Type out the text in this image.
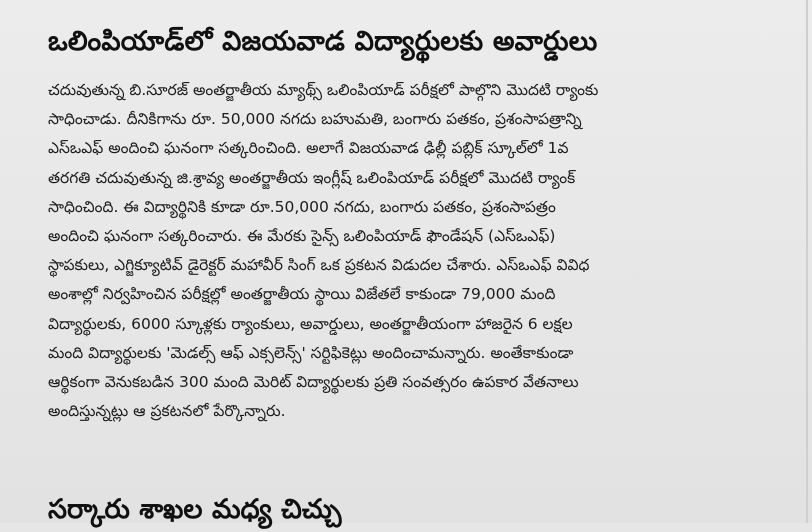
ఒలింపియాడ్‌లో విజయవాడ విద్యార్థులకు అవార్డులు
చదువుతున్న బి.సూరజ్ అంతర్జాతీయ మ్యాథ్స్ ఒలింపియాడ్ పరీక్షలో పాల్గొని మొదటి ర్యాంకు
సాధించాడు. దీనికిగాను రూ. 50,000 నగదు బహుమతి, బంగారు పతకం, ప్రశంసాపత్రాన్ని
ఎస్‌ఒఎఫ్ అందించి ఘనంగా సత్కరించింది. అలాగే విజయవాడ ఢిల్లీ పబ్లిక్ స్కూల్‌లో 1వ
తరగతి చదువుతున్న జి.శ్రావ్య అంతర్జాతీయ ఇంగ్లీష్ ఒలింపియాడ్ పరీక్షలో మొదటి ర్యాంక్
సాధించింది. ఈ విద్యార్థినికి కూడా రూ.50,000 నగదు, బంగారు పతకం, ప్రశంసాపత్రం
అందించి ఘనంగా సత్కరించారు. ఈ మేరకు సైన్స్ ఒలింపియాడ్ ఫౌండేషన్ (ఎస్‌ఒఎఫ్)
స్థాపకులు, ఎగ్జిక్యూటివ్ డైరెక్టర్ మహావీర్ సింగ్ ఒక ప్రకటన విడుదల చేశారు. ఎస్‌ఒఎఫ్ వివిధ
అంశాల్లో నిర్వహించిన పరీక్షల్లో అంతర్జాతీయ స్థాయి విజేతలే కాకుండా 79,000 మంది
విద్యార్థులకు, 6000 స్కూళ్లకు ర్యాంకులు, అవార్డులు, అంతర్జాతీయంగా హాజరైన 6 లక్షల
మంది విద్యార్థులకు 'మెడల్స్ ఆఫ్ ఎక్సలెన్స్' సర్టిఫికెట్లు అందించామన్నారు. అంతేకాకుండా
ఆర్థికంగా వెనుకబడిన 300 మంది మెరిట్ విద్యార్థులకు ప్రతి సంవత్సరం ఉపకార వేతనాలు
అందిస్తున్నట్లు ఆ ప్రకటనలో పేర్కొన్నారు.
సర్కారు శాఖల మధ్య చిచ్చు
